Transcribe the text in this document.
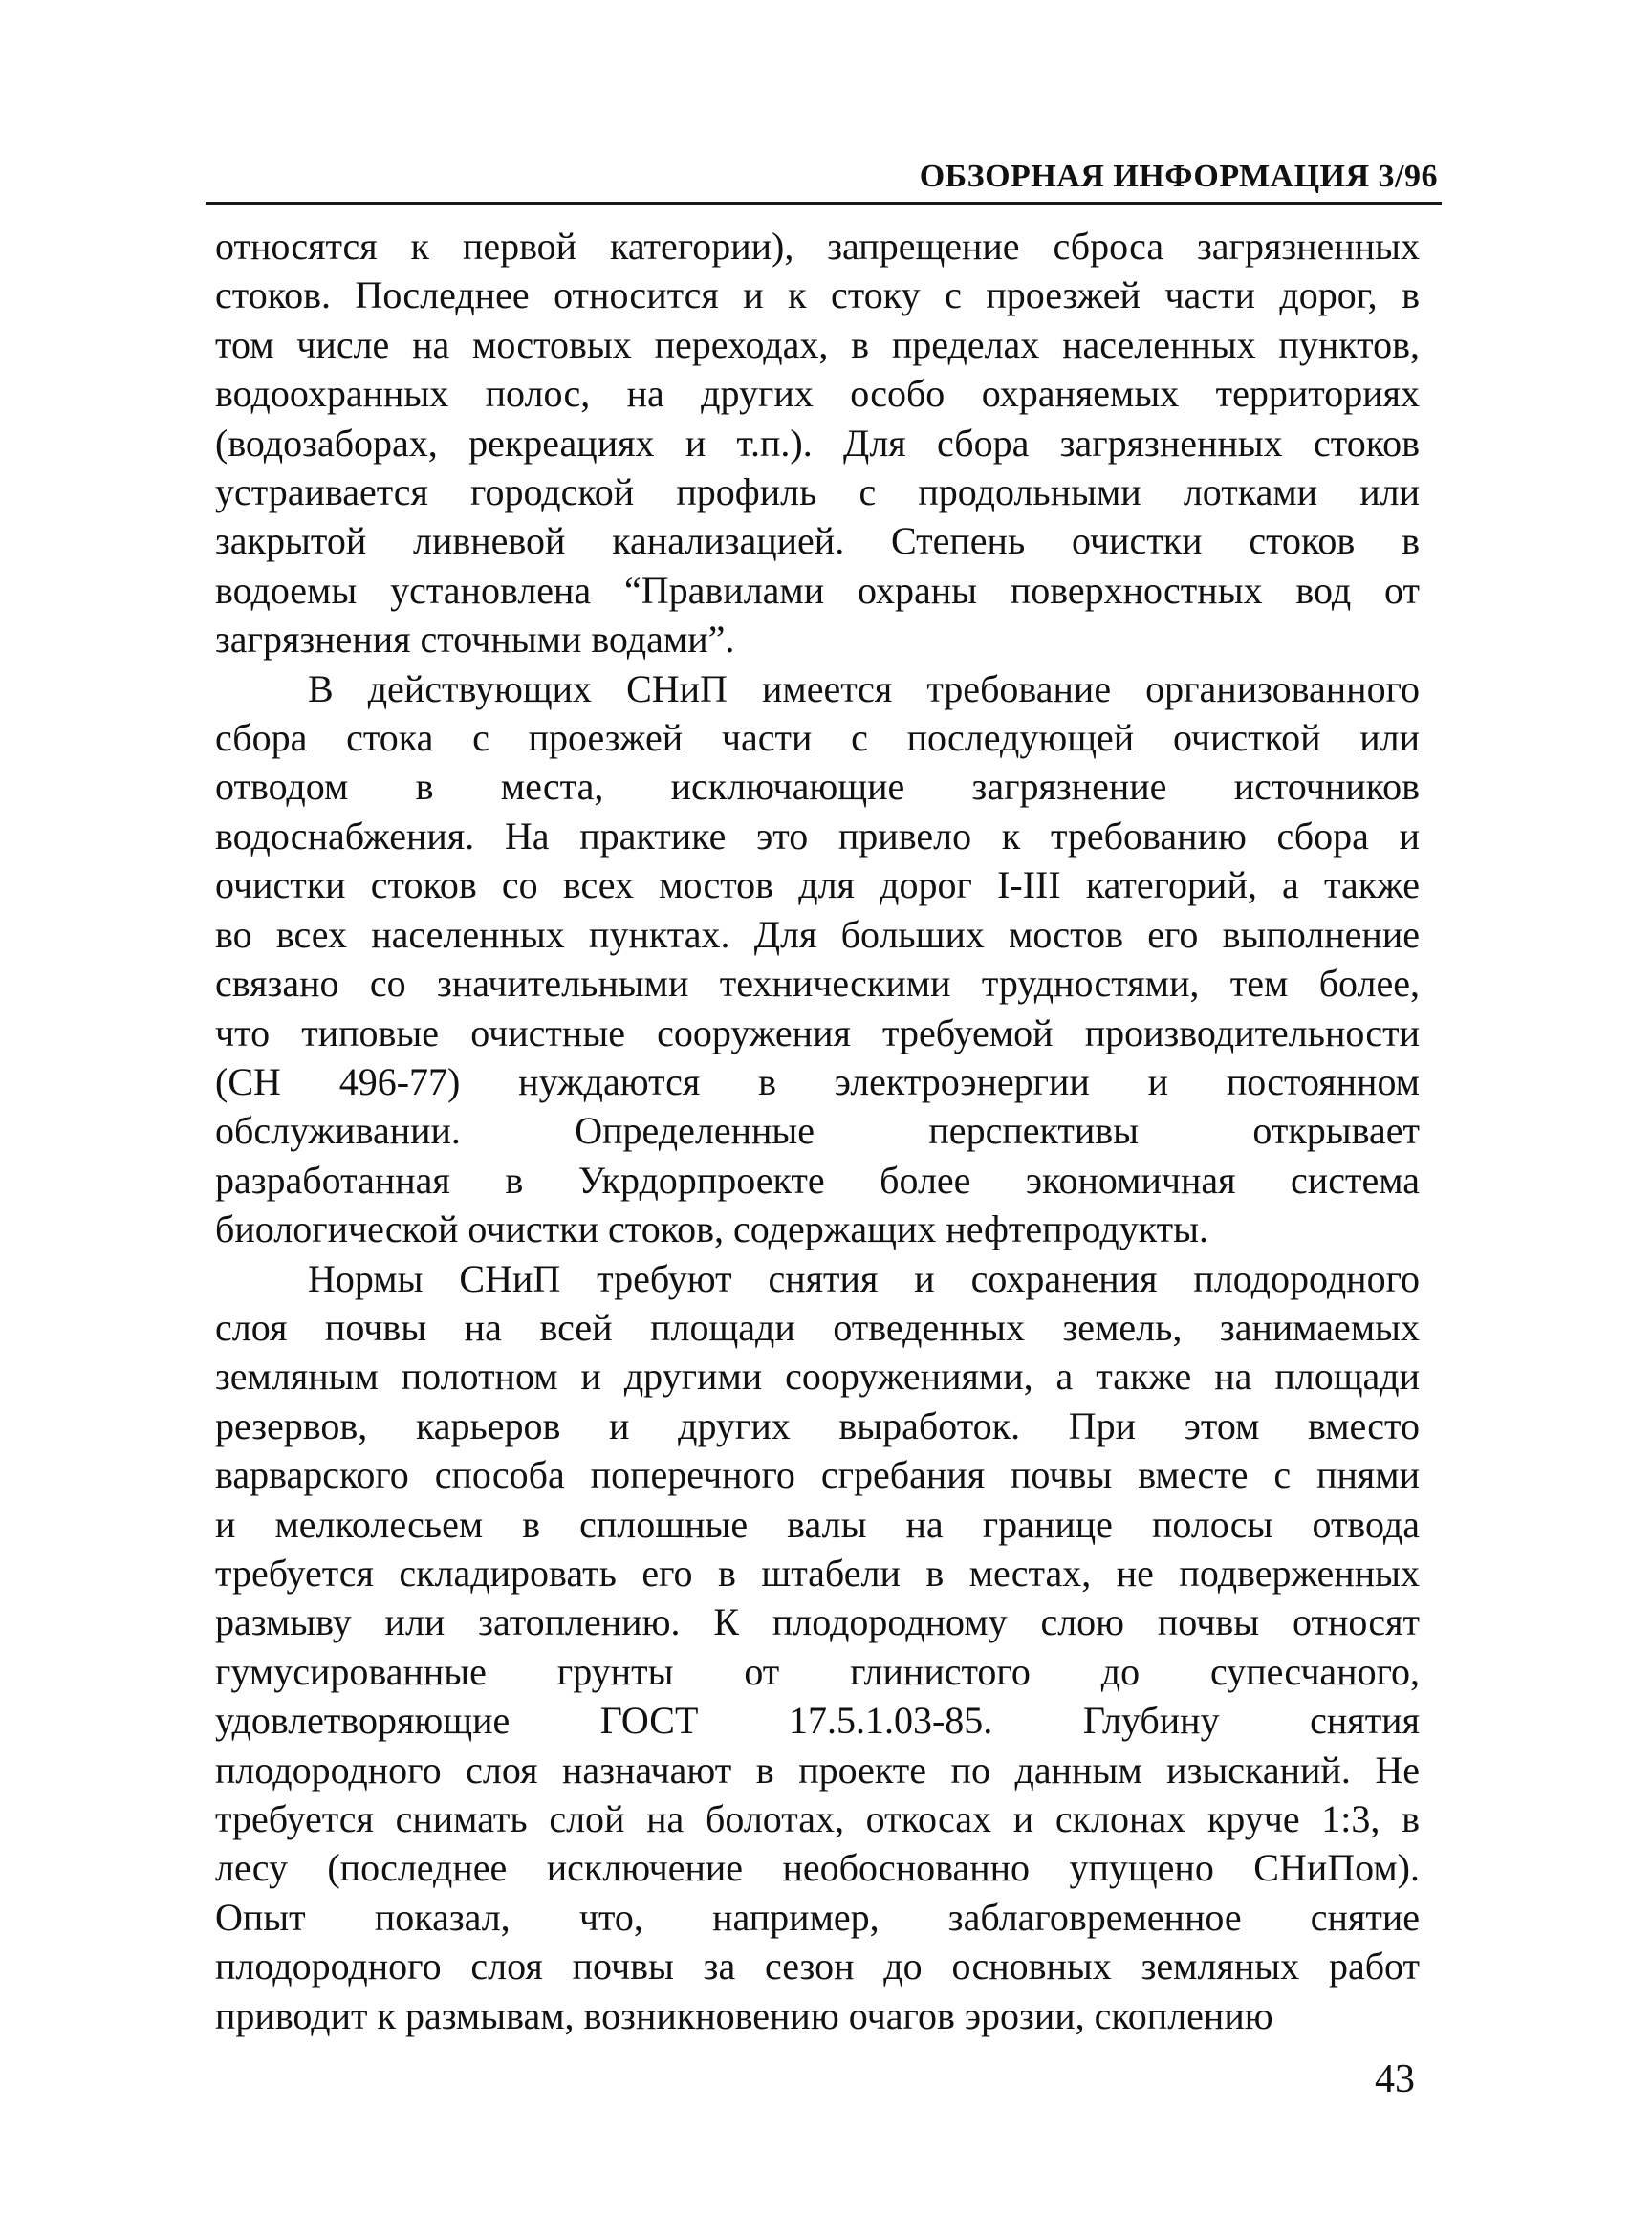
ОБЗОРНАЯ ИНФОРМАЦИЯ 3/96
относятся к первой категории), запрещение сброса загрязненных
стоков. Последнее относится и к стоку с проезжей части дорог, в
том числе на мостовых переходах, в пределах населенных пунктов,
водоохранных полос, на других особо охраняемых территориях
(водозаборах, рекреациях и т.п.). Для сбора загрязненных стоков
устраивается городской профиль с продольными лотками или
закрытой ливневой канализацией. Степень очистки стоков в
водоемы установлена “Правилами охраны поверхностных вод от
загрязнения сточными водами”.
В действующих СНиП имеется требование организованного
сбора стока с проезжей части с последующей очисткой или
отводом в места, исключающие загрязнение источников
водоснабжения. На практике это привело к требованию сбора и
очистки стоков со всех мостов для дорог I-III категорий, а также
во всех населенных пунктах. Для больших мостов его выполнение
связано со значительными техническими трудностями, тем более,
что типовые очистные сооружения требуемой производительности
(СН 496-77) нуждаются в электроэнергии и постоянном
обслуживании. Определенные перспективы открывает
разработанная в Укрдорпроекте более экономичная система
биологической очистки стоков, содержащих нефтепродукты.
Нормы СНиП требуют снятия и сохранения плодородного
слоя почвы на всей площади отведенных земель, занимаемых
земляным полотном и другими сооружениями, а также на площади
резервов, карьеров и других выработок. При этом вместо
варварского способа поперечного сгребания почвы вместе с пнями
и мелколесьем в сплошные валы на границе полосы отвода
требуется складировать его в штабели в местах, не подверженных
размыву или затоплению. К плодородному слою почвы относят
гумусированные грунты от глинистого до супесчаного,
удовлетворяющие ГОСТ 17.5.1.03-85. Глубину снятия
плодородного слоя назначают в проекте по данным изысканий. Не
требуется снимать слой на болотах, откосах и склонах круче 1:3, в
лесу (последнее исключение необоснованно упущено СНиПом).
Опыт показал, что, например, заблаговременное снятие
плодородного слоя почвы за сезон до основных земляных работ
приводит к размывам, возникновению очагов эрозии, скоплению
43
